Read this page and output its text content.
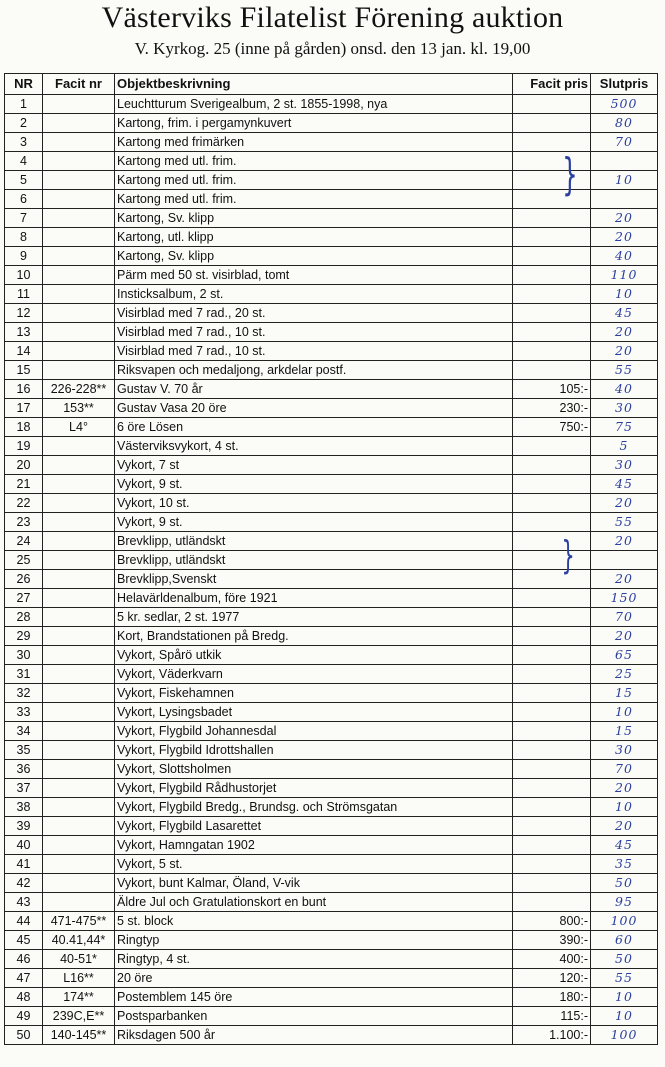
Västerviks Filatelist Förening auktion
V. Kyrkog. 25 (inne på gården) onsd. den 13 jan. kl. 19,00
NR	Facit nr	Objektbeskrivning	Facit pris	Slutpris
1		Leuchtturum Sverigealbum, 2 st. 1855-1998, nya		500
2		Kartong, frim. i pergamynkuvert		80
3		Kartong med frimärken		70
4		Kartong med utl. frim.		
5		Kartong med utl. frim.		10
6		Kartong med utl. frim.		
7		Kartong, Sv. klipp		20
8		Kartong, utl. klipp		20
9		Kartong, Sv. klipp		40
10		Pärm med 50 st. visirblad, tomt		110
11		Insticksalbum, 2 st.		10
12		Visirblad med 7 rad., 20 st.		45
13		Visirblad med 7 rad., 10 st.		20
14		Visirblad med 7 rad., 10 st.		20
15		Riksvapen och medaljong, arkdelar postf.		55
16	226-228**	Gustav V. 70 år	105:-	40
17	153**	Gustav Vasa 20 öre	230:-	30
18	L4°	6 öre Lösen	750:-	75
19		Västerviksvykort, 4 st.		5
20		Vykort, 7 st		30
21		Vykort, 9 st.		45
22		Vykort, 10 st.		20
23		Vykort, 9 st.		55
24		Brevklipp, utländskt		20
25		Brevklipp, utländskt		
26		Brevklipp,Svenskt		20
27		Helavärldenalbum, före 1921		150
28		5 kr. sedlar, 2 st. 1977		70
29		Kort, Brandstationen på Bredg.		20
30		Vykort, Spårö utkik		65
31		Vykort, Väderkvarn		25
32		Vykort, Fiskehamnen		15
33		Vykort, Lysingsbadet		10
34		Vykort, Flygbild Johannesdal		15
35		Vykort, Flygbild Idrottshallen		30
36		Vykort, Slottsholmen		70
37		Vykort, Flygbild Rådhustorjet		20
38		Vykort, Flygbild Bredg., Brundsg. och Strömsgatan		10
39		Vykort, Flygbild Lasarettet		20
40		Vykort, Hamngatan 1902		45
41		Vykort, 5 st.		35
42		Vykort, bunt Kalmar, Öland, V-vik		50
43		Äldre Jul och Gratulationskort en bunt		95
44	471-475**	5 st. block	800:-	100
45	40.41,44*	Ringtyp	390:-	60
46	40-51*	Ringtyp, 4 st.	400:-	50
47	L16**	20 öre	120:-	55
48	174**	Postemblem 145 öre	180:-	10
49	239C,E**	Postsparbanken	115:-	10
50	140-145**	Riksdagen 500 år	1.100:-	100
}
}
